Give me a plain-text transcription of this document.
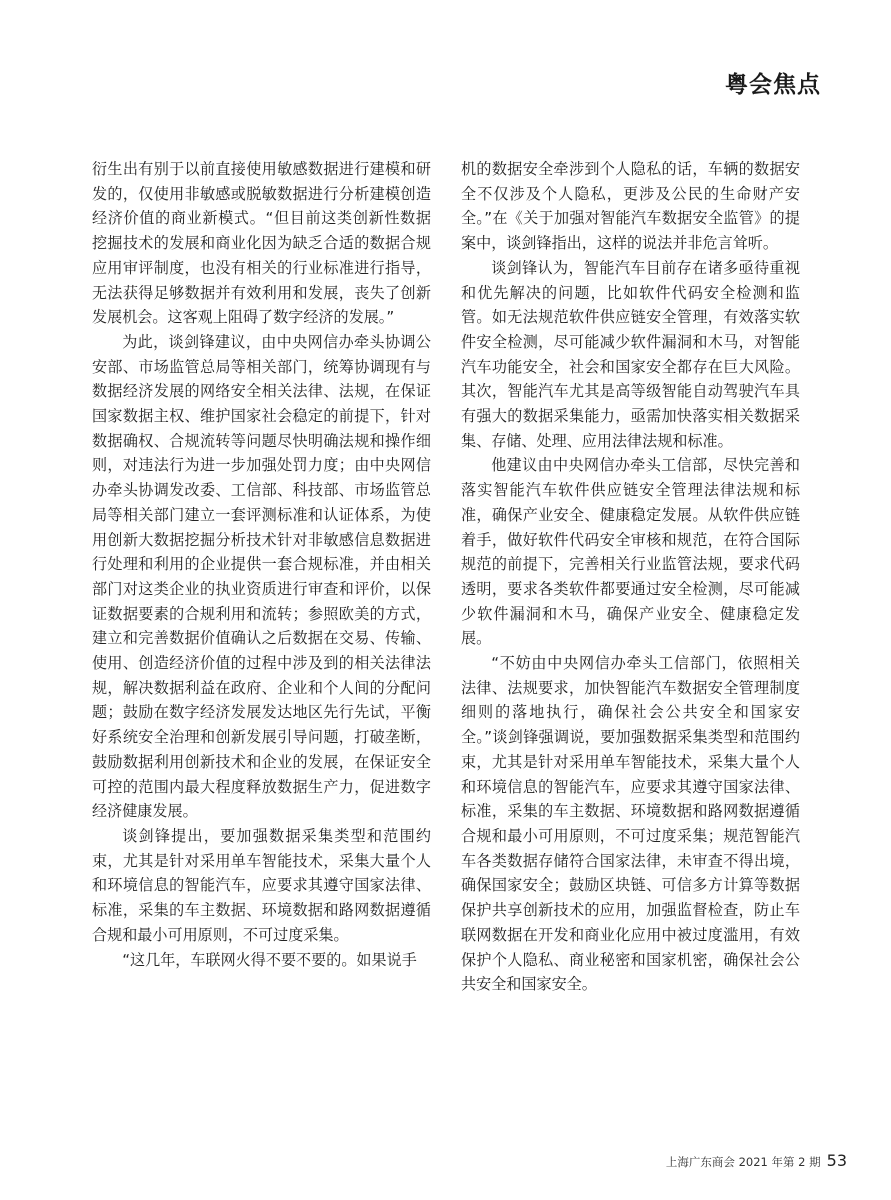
粤会焦点

衍生出有别于以前直接使用敏感数据进行建模和研发的，仅使用非敏感或脱敏数据进行分析建模创造经济价值的商业新模式。“但目前这类创新性数据挖掘技术的发展和商业化因为缺乏合适的数据合规应用审评制度，也没有相关的行业标准进行指导，无法获得足够数据并有效利用和发展，丧失了创新发展机会。这客观上阻碍了数字经济的发展。”

为此，谈剑锋建议，由中央网信办牵头协调公安部、市场监管总局等相关部门，统筹协调现有与数据经济发展的网络安全相关法律、法规，在保证国家数据主权、维护国家社会稳定的前提下，针对数据确权、合规流转等问题尽快明确法规和操作细则，对违法行为进一步加强处罚力度；由中央网信办牵头协调发改委、工信部、科技部、市场监管总局等相关部门建立一套评测标准和认证体系，为使用创新大数据挖掘分析技术针对非敏感信息数据进行处理和利用的企业提供一套合规标准，并由相关部门对这类企业的执业资质进行审查和评价，以保证数据要素的合规利用和流转；参照欧美的方式，建立和完善数据价值确认之后数据在交易、传输、使用、创造经济价值的过程中涉及到的相关法律法规，解决数据利益在政府、企业和个人间的分配问题；鼓励在数字经济发展发达地区先行先试，平衡好系统安全治理和创新发展引导问题，打破垄断，鼓励数据利用创新技术和企业的发展，在保证安全可控的范围内最大程度释放数据生产力，促进数字经济健康发展。

谈剑锋提出，要加强数据采集类型和范围约束，尤其是针对采用单车智能技术，采集大量个人和环境信息的智能汽车，应要求其遵守国家法律、标准，采集的车主数据、环境数据和路网数据遵循合规和最小可用原则，不可过度采集。

“这几年，车联网火得不要不要的。如果说手

机的数据安全牵涉到个人隐私的话，车辆的数据安全不仅涉及个人隐私，更涉及公民的生命财产安全。”在《关于加强对智能汽车数据安全监管》的提案中，谈剑锋指出，这样的说法并非危言耸听。

谈剑锋认为，智能汽车目前存在诸多亟待重视和优先解决的问题，比如软件代码安全检测和监管。如无法规范软件供应链安全管理，有效落实软件安全检测，尽可能减少软件漏洞和木马，对智能汽车功能安全，社会和国家安全都存在巨大风险。其次，智能汽车尤其是高等级智能自动驾驶汽车具有强大的数据采集能力，亟需加快落实相关数据采集、存储、处理、应用法律法规和标准。

他建议由中央网信办牵头工信部，尽快完善和落实智能汽车软件供应链安全管理法律法规和标准，确保产业安全、健康稳定发展。从软件供应链着手，做好软件代码安全审核和规范，在符合国际规范的前提下，完善相关行业监管法规，要求代码透明，要求各类软件都要通过安全检测，尽可能减少软件漏洞和木马，确保产业安全、健康稳定发展。

“不妨由中央网信办牵头工信部门，依照相关法律、法规要求，加快智能汽车数据安全管理制度细则的落地执行，确保社会公共安全和国家安全。”谈剑锋强调说，要加强数据采集类型和范围约束，尤其是针对采用单车智能技术，采集大量个人和环境信息的智能汽车，应要求其遵守国家法律、标准，采集的车主数据、环境数据和路网数据遵循合规和最小可用原则，不可过度采集；规范智能汽车各类数据存储符合国家法律，未审查不得出境，确保国家安全；鼓励区块链、可信多方计算等数据保护共享创新技术的应用，加强监督检查，防止车联网数据在开发和商业化应用中被过度滥用，有效保护个人隐私、商业秘密和国家机密，确保社会公共安全和国家安全。

上海广东商会 2021 年第 2 期 53
